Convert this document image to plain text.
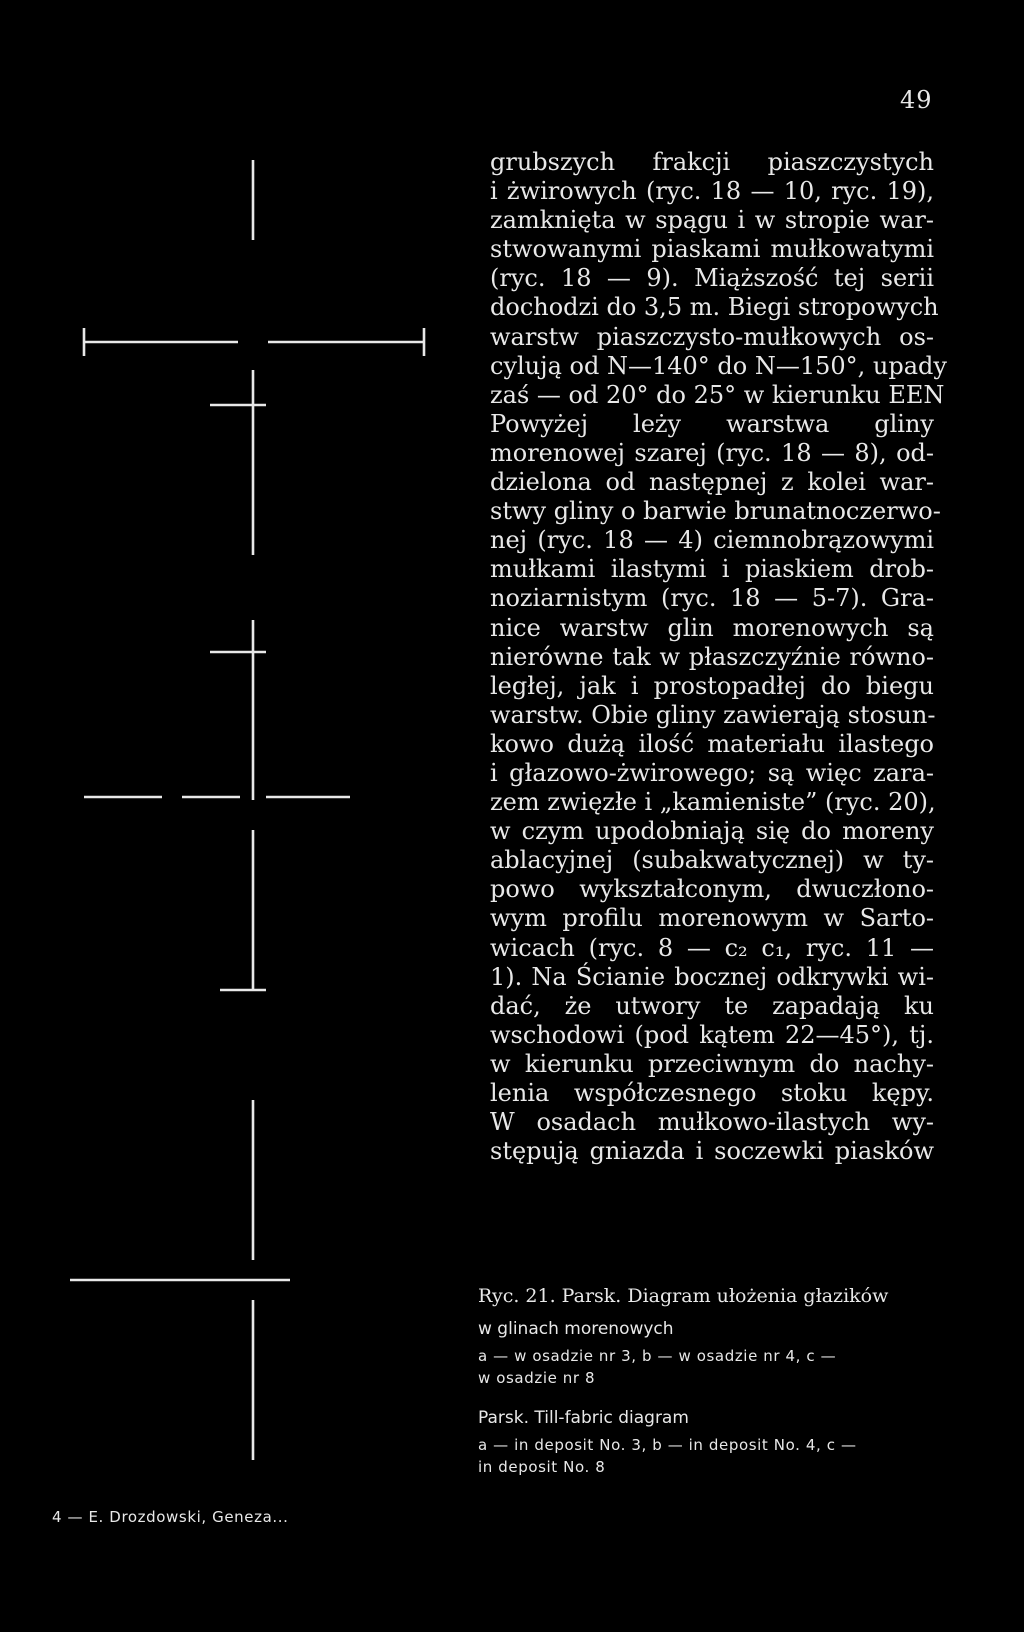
49
grubszych frakcji piaszczystych
i żwirowych (ryc. 18 — 10, ryc. 19),
zamknięta w spągu i w stropie war-
stwowanymi piaskami mułkowatymi
(ryc. 18 — 9). Miąższość tej serii
dochodzi do 3,5 m. Biegi stropowych
warstw piaszczysto-mułkowych os-
cylują od N—140° do N—150°, upady
zaś — od 20° do 25° w kierunku EEN
Powyżej leży warstwa gliny
morenowej szarej (ryc. 18 — 8), od-
dzielona od następnej z kolei war-
stwy gliny o barwie brunatnoczerwo-
nej (ryc. 18 — 4) ciemnobrązowymi
mułkami ilastymi i piaskiem drob-
noziarnistym (ryc. 18 — 5-7). Gra-
nice warstw glin morenowych są
nierówne tak w płaszczyźnie równo-
ległej, jak i prostopadłej do biegu
warstw. Obie gliny zawierają stosun-
kowo dużą ilość materiału ilastego
i głazowo-żwirowego; są więc zara-
zem zwięzłe i „kamieniste” (ryc. 20),
w czym upodobniają się do moreny
ablacyjnej (subakwatycznej) w ty-
powo wykształconym, dwuczłono-
wym profilu morenowym w Sarto-
wicach (ryc. 8 — c₂ c₁, ryc. 11 —
1). Na Ścianie bocznej odkrywki wi-
dać, że utwory te zapadają ku
wschodowi (pod kątem 22—45°), tj.
w kierunku przeciwnym do nachy-
lenia współczesnego stoku kępy.
W osadach mułkowo-ilastych wy-
stępują gniazda i soczewki piasków
Ryc. 21. Parsk. Diagram ułożenia głazików
w glinach morenowych
a — w osadzie nr 3, b — w osadzie nr 4, c —
w osadzie nr 8
Parsk. Till-fabric diagram
a — in deposit No. 3, b — in deposit No. 4, c —
in deposit No. 8
4 — E. Drozdowski, Geneza...
